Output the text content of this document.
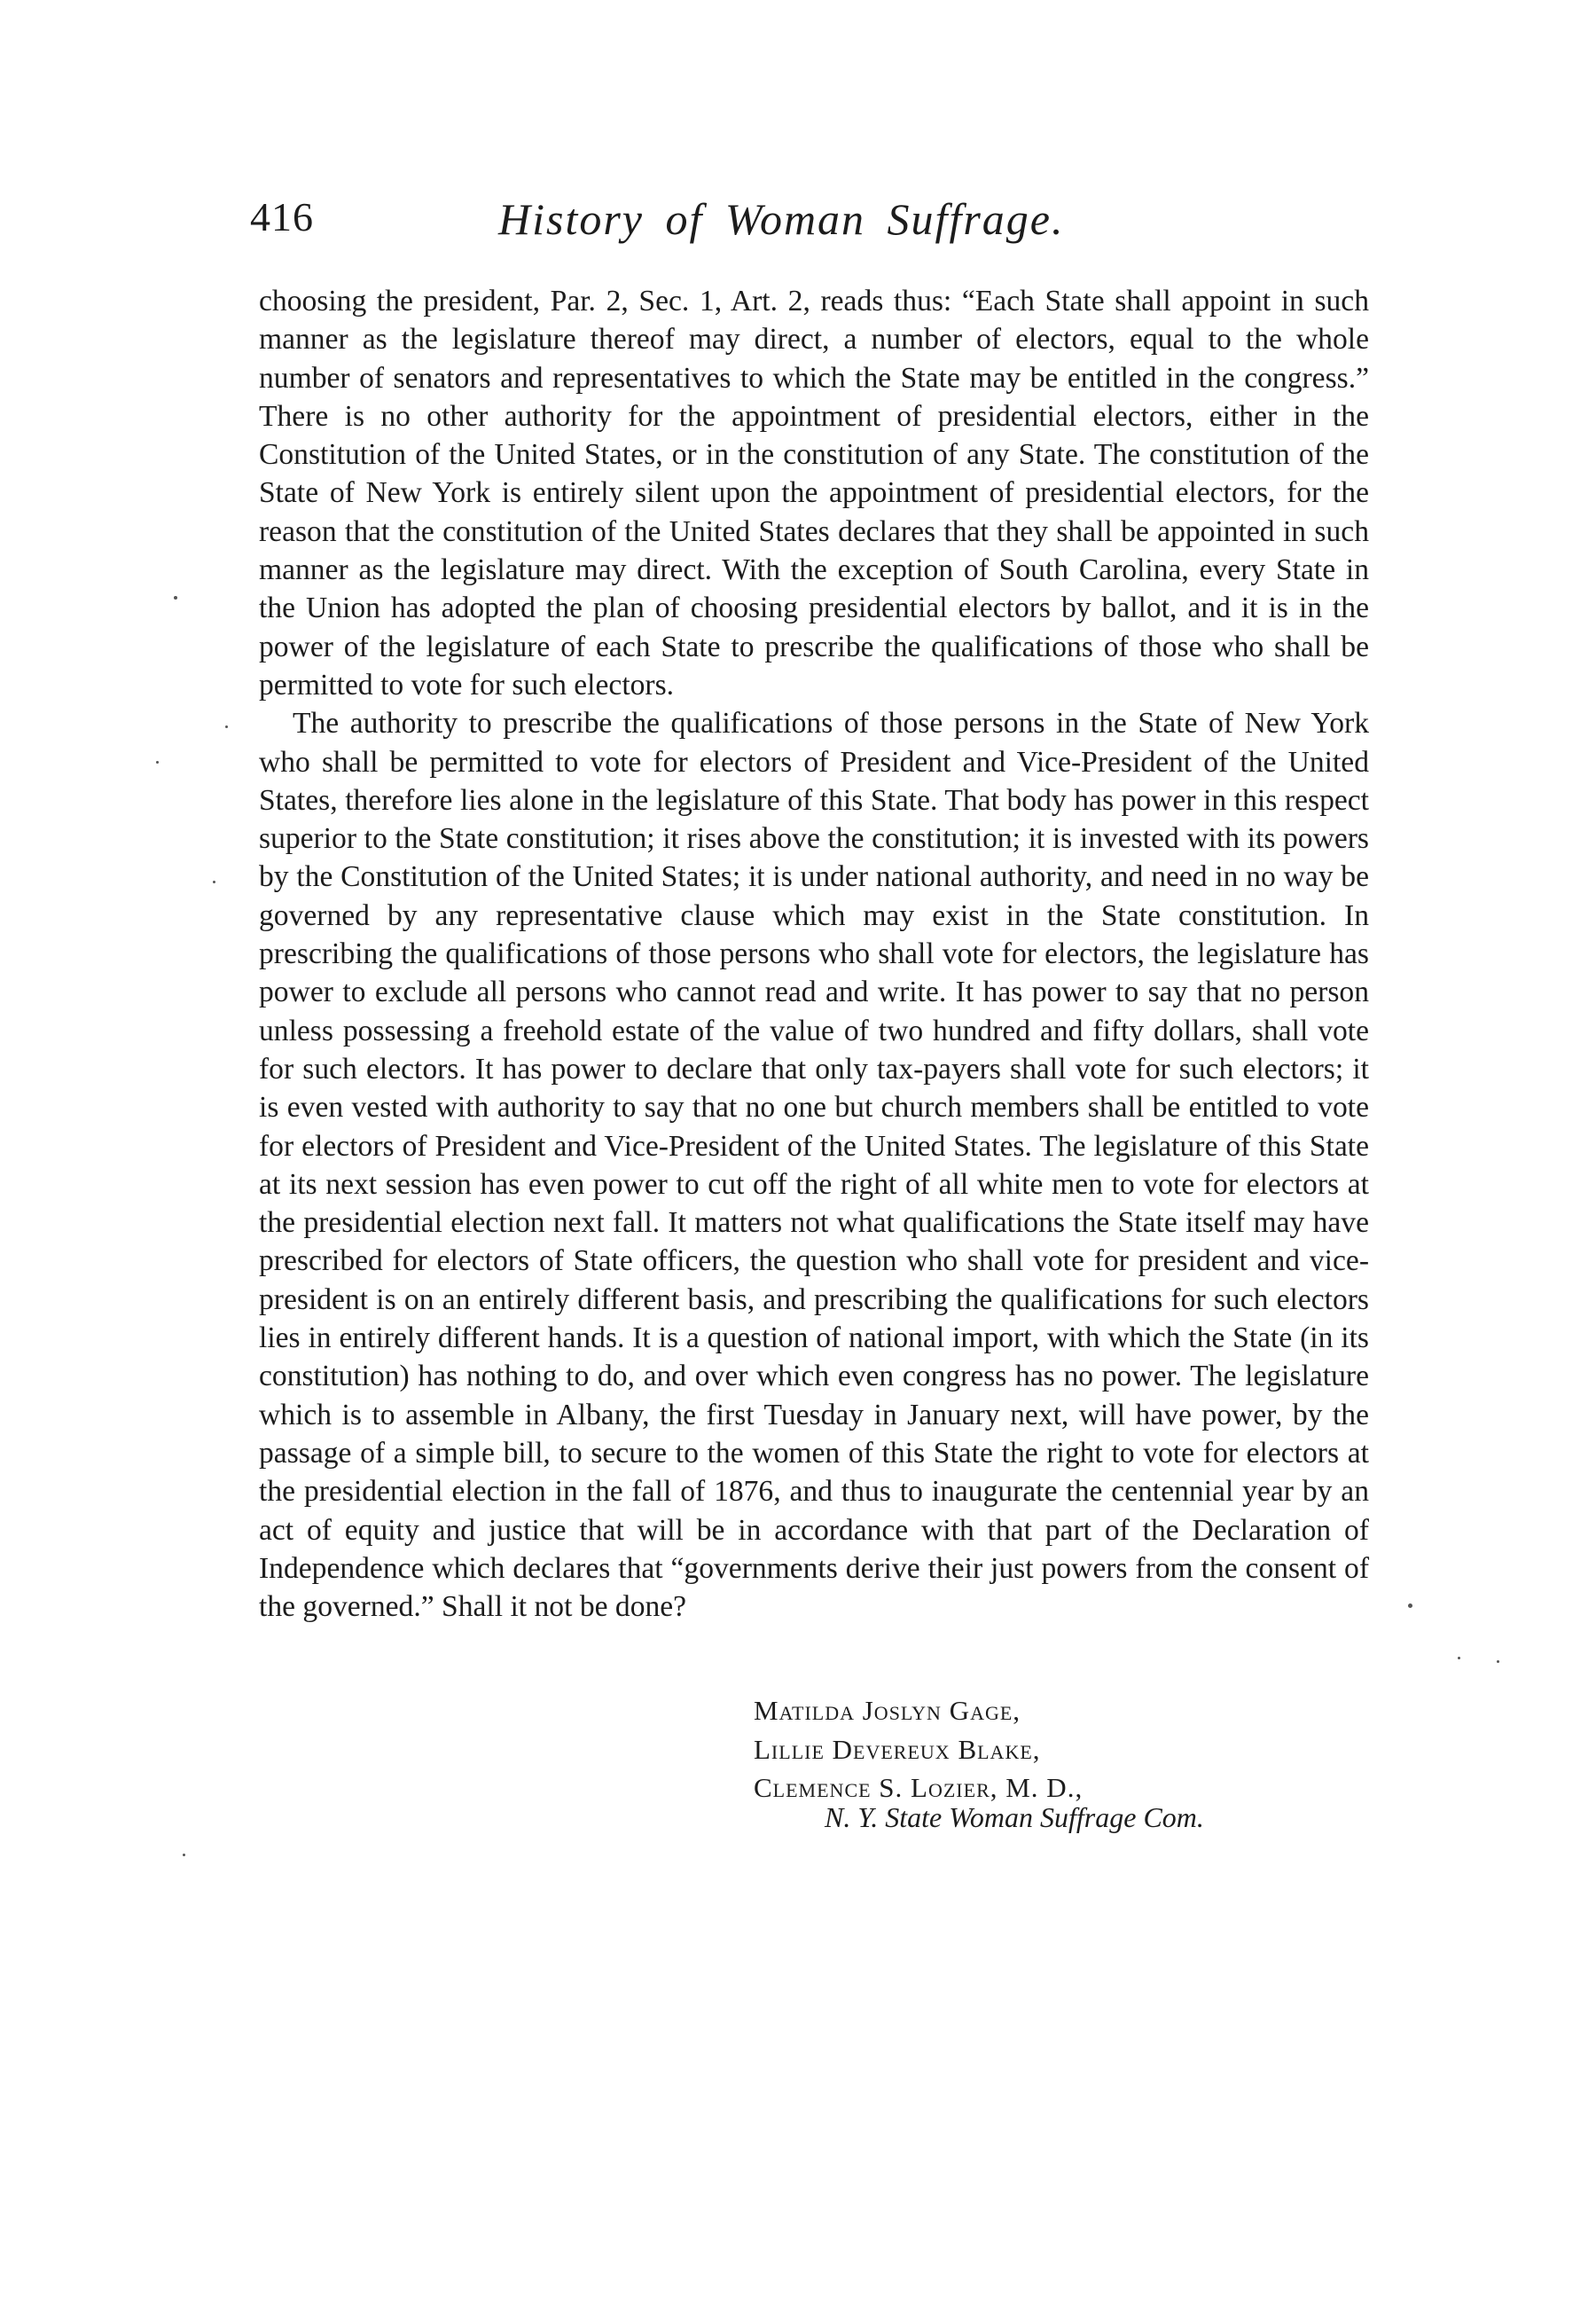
416	History of Woman Suffrage.

choosing the president, Par. 2, Sec. 1, Art. 2, reads thus: “Each State shall appoint in such manner as the legislature thereof may direct, a number of electors, equal to the whole number of senators and representatives to which the State may be entitled in the congress.” There is no other authority for the appointment of presidential electors, either in the Constitution of the United States, or in the constitution of any State. The constitution of the State of New York is entirely silent upon the appointment of presidential electors, for the reason that the constitution of the United States declares that they shall be appointed in such manner as the legislature may direct. With the exception of South Carolina, every State in the Union has adopted the plan of choosing presidential electors by ballot, and it is in the power of the legislature of each State to prescribe the qualifications of those who shall be permitted to vote for such electors.

The authority to prescribe the qualifications of those persons in the State of New York who shall be permitted to vote for electors of President and Vice-President of the United States, therefore lies alone in the legislature of this State. That body has power in this respect superior to the State constitution; it rises above the constitution; it is invested with its powers by the Constitution of the United States; it is under national authority, and need in no way be governed by any representative clause which may exist in the State constitution. In prescribing the qualifications of those persons who shall vote for electors, the legislature has power to exclude all persons who cannot read and write. It has power to say that no person unless possessing a freehold estate of the value of two hundred and fifty dollars, shall vote for such electors. It has power to declare that only tax-payers shall vote for such electors; it is even vested with authority to say that no one but church members shall be entitled to vote for electors of President and Vice-President of the United States. The legislature of this State at its next session has even power to cut off the right of all white men to vote for electors at the presidential election next fall. It matters not what qualifications the State itself may have prescribed for electors of State officers, the question who shall vote for president and vice-president is on an entirely different basis, and prescribing the qualifications for such electors lies in entirely different hands. It is a question of national import, with which the State (in its constitution) has nothing to do, and over which even congress has no power. The legislature which is to assemble in Albany, the first Tuesday in January next, will have power, by the passage of a simple bill, to secure to the women of this State the right to vote for electors at the presidential election in the fall of 1876, and thus to inaugurate the centennial year by an act of equity and justice that will be in accordance with that part of the Declaration of Independence which declares that “governments derive their just powers from the consent of the governed.” Shall it not be done?

Matilda Joslyn Gage,
Lillie Devereux Blake,
Clemence S. Lozier, M. D.,
N. Y. State Woman Suffrage Com.
